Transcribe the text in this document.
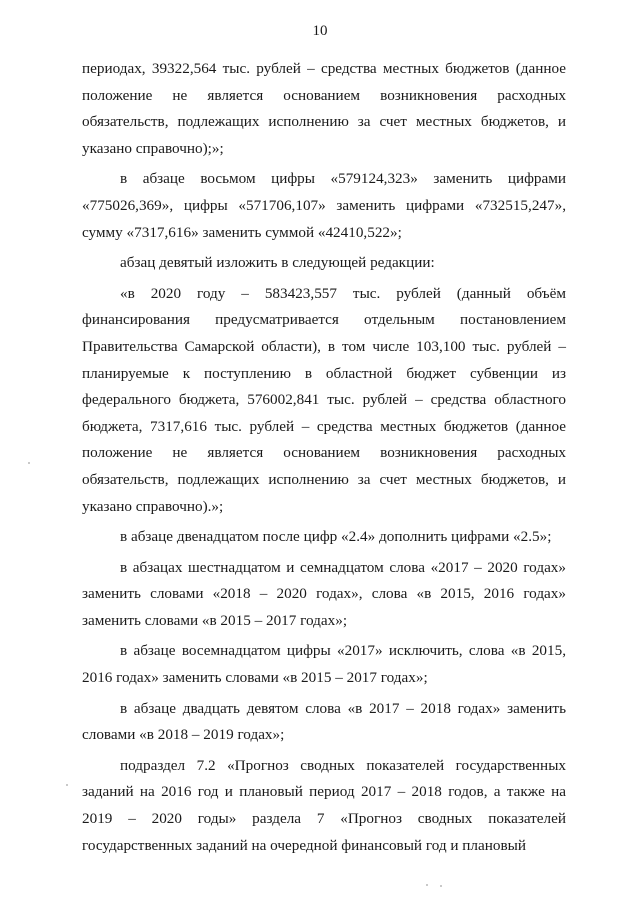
10

периодах, 39322,564 тыс. рублей – средства местных бюджетов (данное положение не является основанием возникновения расходных обязательств, подлежащих исполнению за счет местных бюджетов, и указано справочно);»;

в абзаце восьмом цифры «579124,323» заменить цифрами «775026,369», цифры «571706,107» заменить цифрами «732515,247», сумму «7317,616» заменить суммой «42410,522»;

абзац девятый изложить в следующей редакции:

«в 2020 году – 583423,557 тыс. рублей (данный объём финансирования предусматривается отдельным постановлением Правительства Самарской области), в том числе 103,100 тыс. рублей – планируемые к поступлению в областной бюджет субвенции из федерального бюджета, 576002,841 тыс. рублей – средства областного бюджета, 7317,616 тыс. рублей – средства местных бюджетов (данное положение не является основанием возникновения расходных обязательств, подлежащих исполнению за счет местных бюджетов, и указано справочно).»;

в абзаце двенадцатом после цифр «2.4» дополнить цифрами «2.5»;

в абзацах шестнадцатом и семнадцатом слова «2017 – 2020 годах» заменить словами «2018 – 2020 годах», слова «в 2015, 2016 годах» заменить словами «в 2015 – 2017 годах»;

в абзаце восемнадцатом цифры «2017» исключить, слова «в 2015, 2016 годах» заменить словами «в 2015 – 2017 годах»;

в абзаце двадцать девятом слова «в 2017 – 2018 годах» заменить словами «в 2018 – 2019 годах»;

подраздел 7.2 «Прогноз сводных показателей государственных заданий на 2016 год и плановый период 2017 – 2018 годов, а также на 2019 – 2020 годы» раздела 7 «Прогноз сводных показателей государственных заданий на очередной финансовый год и плановый
